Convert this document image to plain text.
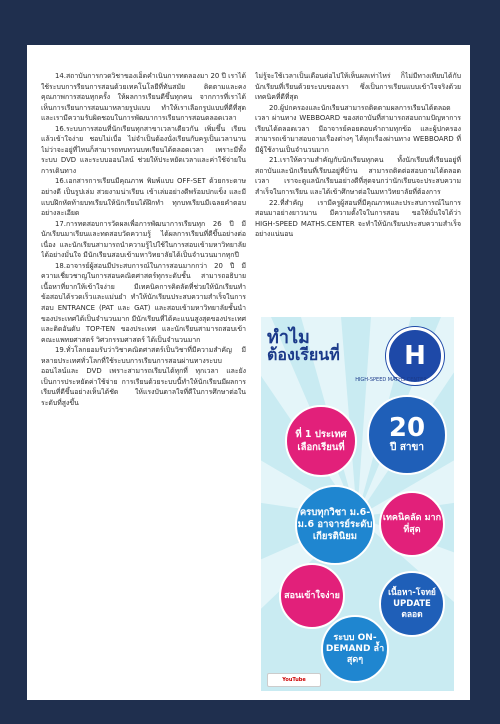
14.สถาบันการกวดวิชาของเอ็ดคำเนินการทดลองมา 20 ปี เราได้ใช้ระบบการรียนการสอนด้วยเทคโนโลยีที่ทันสมัย ติดตามและคงคุณภาพการสอนทุกครั้ง ให้ผลการเรียนดีขึ้นทุกคน จากการที่เราได้เห็นการเรียนการสอนมาหลายรูปแบบ ทำให้เราเลือกรูปแบบที่ดีที่สุด และเรามีความรับผิดชอบในการพัฒนาการเรียนการสอนตลอดเวลา

16.ระบบการสอนที่นักเรียนทุกสาขาเวลาเดียวกัน เพิ่มขึ้น เรียนแล้วเข้าใจง่าย ชอบไม่เบื่อ ไม่จำเป็นต้องนั่งเรียนกับครูเป็นเวลานาน ไม่ว่าจะอยู่ที่ไหนก็สามารถทบทวนบทเรียนได้ตลอดเวลา เพราะมีทั้งระบบ DVD และระบบออนไลน์ ช่วยให้ประหยัดเวลาและค่าใช้จ่ายในการเดินทาง

16.เอกสารการเรียนมีคุณภาพ พิมพ์แบบ OFF-SET ด้วยกระดาษอย่างดี เป็นรูปเล่ม สวยงามน่าเรียน เข้าเล่มอย่างดีพร้อมปกแข็ง และมีแบบฝึกหัดท้ายบทเรียนให้นักเรียนได้ฝึกทำ ทุกบทเรียนมีเฉลยคำตอบอย่างละเอียด

17.การทดสอบการวัดผลเพื่อการพัฒนาการเรียนทุก 26 ปี มีนักเรียนมาเรียนและทดสอบวัดความรู้ ได้ผลการเรียนที่ดีขึ้นอย่างต่อเนื่อง และนักเรียนสามารถนำความรู้ไปใช้ในการสอบเข้ามหาวิทยาลัยได้อย่างมั่นใจ มีนักเรียนสอบเข้ามหาวิทยาลัยได้เป็นจำนวนมากทุกปี

18.อาจารย์ผู้สอนมีประสบการณ์ในการสอนมากกว่า 20 ปี มีความเชี่ยวชาญในการสอนคณิตศาสตร์ทุกระดับชั้น สามารถอธิบายเนื้อหาที่ยากให้เข้าใจง่าย มีเทคนิคการคิดลัดที่ช่วยให้นักเรียนทำข้อสอบได้รวดเร็วและแม่นยำ ทำให้นักเรียนประสบความสำเร็จในการสอบ ENTRANCE (PAT และ GAT) และสอบเข้ามหาวิทยาลัยชั้นนำของประเทศได้เป็นจำนวนมาก มีนักเรียนที่ได้คะแนนสูงสุดของประเทศ และติดอันดับ TOP-TEN ของประเทศ และนักเรียนสามารถสอบเข้าคณะแพทยศาสตร์ วิศวกรรมศาสตร์ ได้เป็นจำนวนมาก

19.ทั่วโลกยอมรับว่าวิชาคณิตศาสตร์เป็นวิชาที่มีความสำคัญ มีหลายประเทศทั่วโลกที่ใช้ระบบการเรียนการสอนผ่านทางระบบออนไลน์และ DVD เพราะสามารถเรียนได้ทุกที่ ทุกเวลา และยังเป็นการประหยัดค่าใช้จ่าย การเรียนด้วยระบบนี้ทำให้นักเรียนมีผลการเรียนที่ดีขึ้นอย่างเห็นได้ชัด ให้แรงบันดาลใจที่ดีในการศึกษาต่อในระดับที่สูงขึ้น

ไม่รู้จะใช้เวลาเป็นเดือนต่อไปให้เห็นผลเท่าไหร่ ก็ไม่มีทางเทียบได้กับนักเรียนที่เรียนด้วยระบบของเรา ซึ่งเป็นการเรียนแบบเข้าใจจริงด้วยเทคนิคที่ดีที่สุด

20.ผู้ปกครองและนักเรียนสามารถติดตามผลการเรียนได้ตลอดเวลา ผ่านทาง WEBBOARD ของสถาบันที่สามารถสอบถามปัญหาการเรียนได้ตลอดเวลา มีอาจารย์คอยตอบคำถามทุกข้อ และผู้ปกครองสามารถเข้ามาสอบถามเรื่องต่างๆ ได้ทุกเรื่องผ่านทาง WEBBOARD ที่มีผู้ใช้งานเป็นจำนวนมาก

21.เราให้ความสำคัญกับนักเรียนทุกคน ทั้งนักเรียนที่เรียนอยู่ที่สถาบันและนักเรียนที่เรียนอยู่ที่บ้าน สามารถติดต่อสอบถามได้ตลอดเวลา เราจะดูแลนักเรียนอย่างดีที่สุดจนกว่านักเรียนจะประสบความสำเร็จในการเรียน และได้เข้าศึกษาต่อในมหาวิทยาลัยที่ต้องการ

22.ที่สำคัญ เรามีครูผู้สอนที่มีคุณภาพและประสบการณ์ในการสอนมาอย่างยาวนาน มีความตั้งใจในการสอน ขอให้มั่นใจได้ว่า HIGH-SPEED MATHS.CENTER จะทำให้นักเรียนประสบความสำเร็จอย่างแน่นอน

ทำไม
ต้องเรียนที่ H
HIGH-SPEED MATHS.CENTER
ที่ 1 ประเทศ เลือกเรียนที่
20
ปี สาขา
ครบทุกวิชา ม.6-ม.6 อาจารย์ระดับเกียรตินิยม
เทคนิคลัด มากที่สุด
สอนเข้าใจง่าย	เนื้อหา-โจทย์ UPDATE ตลอด
ระบบ ON-DEMAND ล้ำสุดๆ
YouTube
